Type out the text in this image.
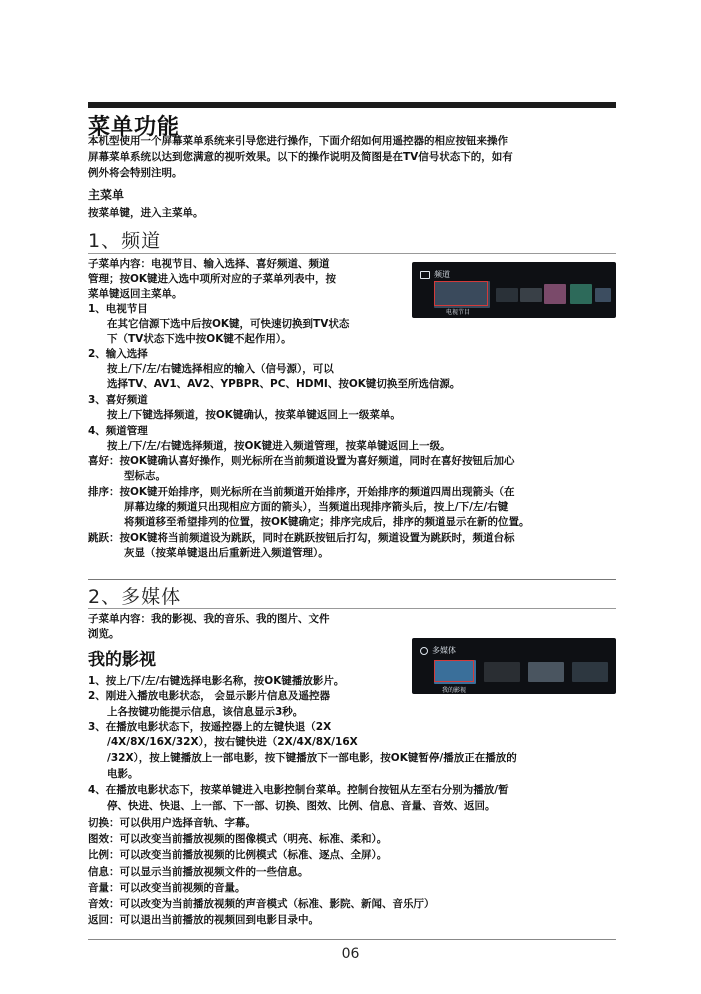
菜单功能
本机型使用一个屏幕菜单系统来引导您进行操作，下面介绍如何用遥控器的相应按钮来操作
屏幕菜单系统以达到您满意的视听效果。以下的操作说明及简图是在TV信号状态下的，如有
例外将会特别注明。
主菜单
按菜单键，进入主菜单。
1、频道
子菜单内容：电视节目、输入选择、喜好频道、频道
管理；按OK键进入选中项所对应的子菜单列表中，按
菜单键返回主菜单。
1、电视节目
在其它信源下选中后按OK键，可快速切换到TV状态
下（TV状态下选中按OK键不起作用）。
2、输入选择
按上/下/左/右键选择相应的输入（信号源），可以
选择TV、AV1、AV2、YPBPR、PC、HDMI、按OK键切换至所选信源。
3、喜好频道
按上/下键选择频道，按OK键确认，按菜单键返回上一级菜单。
4、频道管理
按上/下/左/右键选择频道，按OK键进入频道管理，按菜单键返回上一级。
喜好：按OK键确认喜好操作，则光标所在当前频道设置为喜好频道，同时在喜好按钮后加心
型标志。
排序：按OK键开始排序，则光标所在当前频道开始排序，开始排序的频道四周出现箭头（在
屏幕边缘的频道只出现相应方面的箭头），当频道出现排序箭头后，按上/下/左/右键
将频道移至希望排列的位置，按OK键确定；排序完成后，排序的频道显示在新的位置。
跳跃：按OK键将当前频道设为跳跃，同时在跳跃按钮后打勾，频道设置为跳跃时，频道台标
灰显（按菜单键退出后重新进入频道管理）。
频道
电视节目
2、多媒体
子菜单内容：我的影视、我的音乐、我的图片、文件
浏览。
我的影视
1、按上/下/左/右键选择电影名称，按OK键播放影片。
2、刚进入播放电影状态， 会显示影片信息及遥控器
上各按键功能提示信息，该信息显示3秒。
3、在播放电影状态下，按遥控器上的左键快退（2X
/4X/8X/16X/32X），按右键快进（2X/4X/8X/16X
/32X），按上键播放上一部电影，按下键播放下一部电影，按OK键暂停/播放正在播放的
电影。
4、在播放电影状态下，按菜单键进入电影控制台菜单。控制台按钮从左至右分别为播放/暂
停、快进、快退、上一部、下一部、切换、图效、比例、信息、音量、音效、返回。
切换：可以供用户选择音轨、字幕。
图效：可以改变当前播放视频的图像模式（明亮、标准、柔和）。
比例：可以改变当前播放视频的比例模式（标准、逐点、全屏）。
信息：可以显示当前播放视频文件的一些信息。
音量：可以改变当前视频的音量。
音效：可以改变为当前播放视频的声音模式（标准、影院、新闻、音乐厅）
返回：可以退出当前播放的视频回到电影目录中。
多媒体
我的影视
06
